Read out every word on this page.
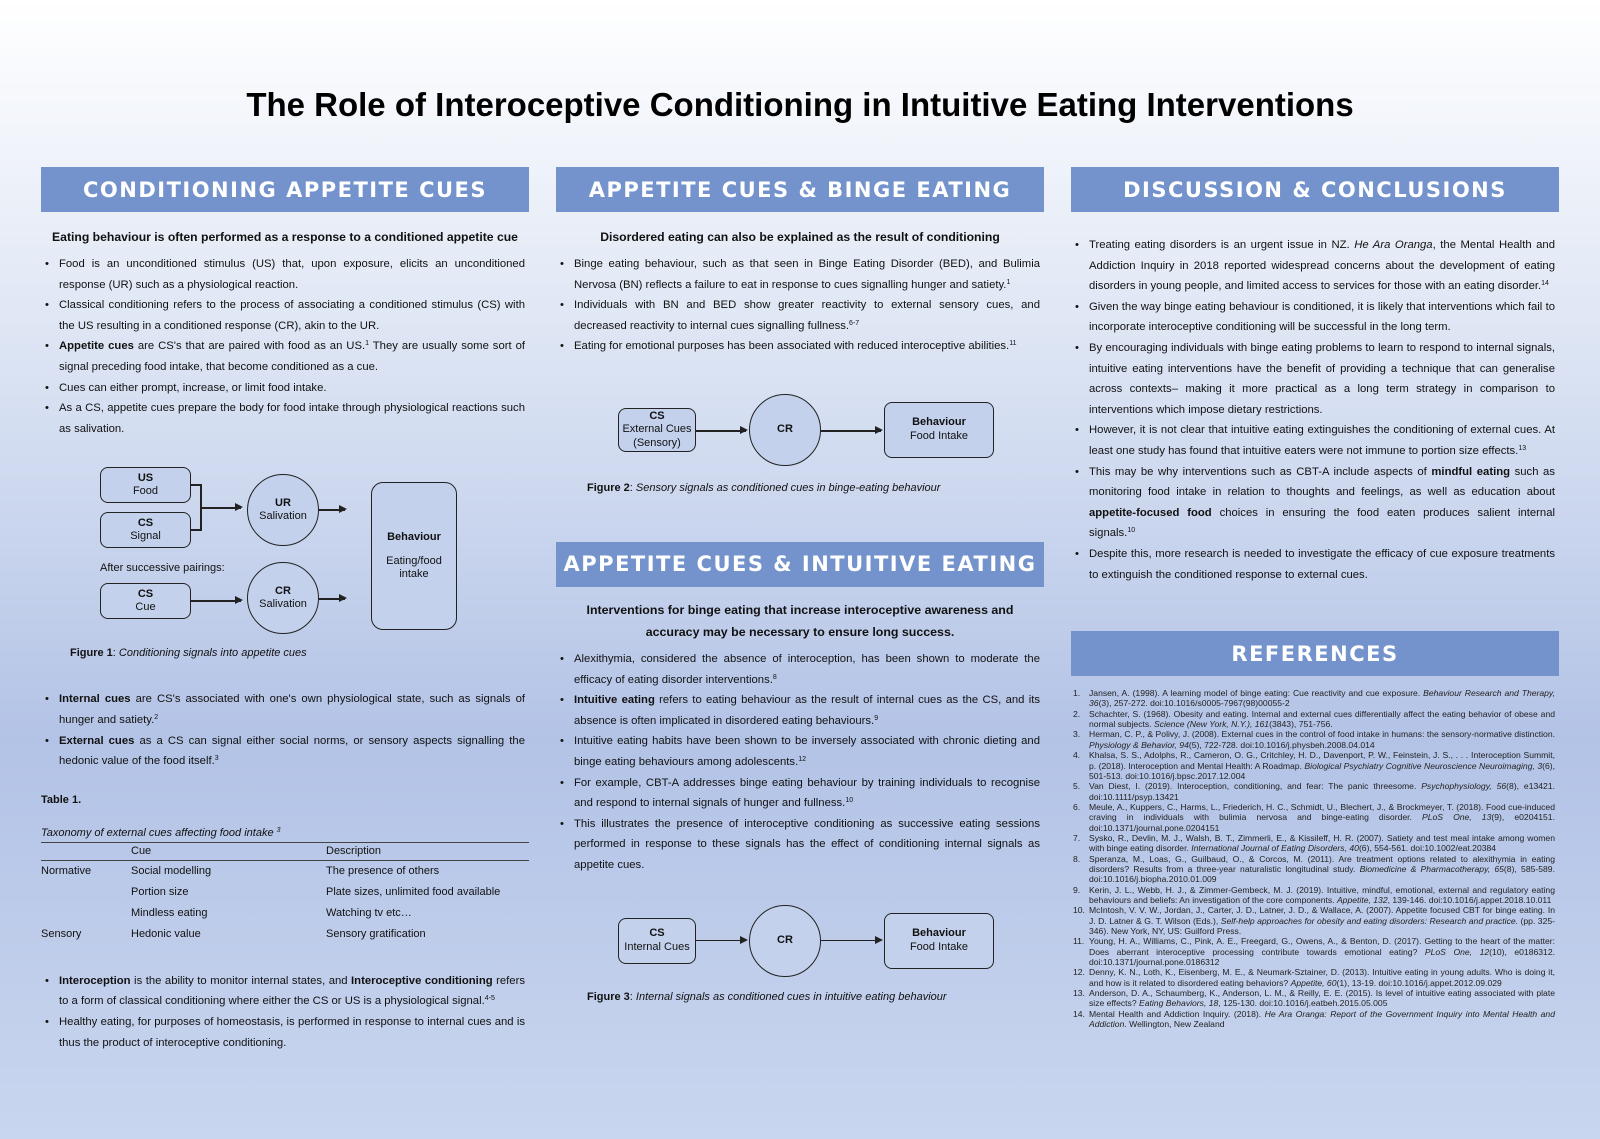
The Role of Interoceptive Conditioning in Intuitive Eating Interventions
CONDITIONING APPETITE CUES
Eating behaviour is often performed as a response to a conditioned appetite cue
• Food is an unconditioned stimulus (US) that, upon exposure, elicits an unconditioned response (UR) such as a physiological reaction.
• Classical conditioning refers to the process of associating a conditioned stimulus (CS) with the US resulting in a conditioned response (CR), akin to the UR.
• Appetite cues are CS's that are paired with food as an US.$^1$ They are usually some sort of signal preceding food intake, that become conditioned as a cue.
• Cues can either prompt, increase, or limit food intake.
• As a CS, appetite cues prepare the body for food intake through physiological reactions such as salivation.
US
Food
CS
Signal
UR
Salivation
After successive pairings:
CS
Cue
CR
Salivation
Behaviour
Eating/food intake
Figure 1: Conditioning signals into appetite cues
• Internal cues are CS's associated with one's own physiological state, such as signals of hunger and satiety.$^2$
• External cues as a CS can signal either social norms, or sensory aspects signalling the hedonic value of the food itself.$^3$
Table 1.
Taxonomy of external cues affecting food intake $^3$
	Cue	Description
Normative	Social modelling	The presence of others
	Portion size	Plate sizes, unlimited food available
	Mindless eating	Watching tv etc…
Sensory	Hedonic value	Sensory gratification
• Interoception is the ability to monitor internal states, and Interoceptive conditioning refers to a form of classical conditioning where either the CS or US is a physiological signal.$^{4-5}$
• Healthy eating, for purposes of homeostasis, is performed in response to internal cues and is thus the product of interoceptive conditioning.
APPETITE CUES & BINGE EATING
Disordered eating can also be explained as the result of conditioning
• Binge eating behaviour, such as that seen in Binge Eating Disorder (BED), and Bulimia Nervosa (BN) reflects a failure to eat in response to cues signalling hunger and satiety.$^1$
• Individuals with BN and BED show greater reactivity to external sensory cues, and decreased reactivity to internal cues signalling fullness.$^{6-7}$
• Eating for emotional purposes has been associated with reduced interoceptive abilities.$^{11}$
CS
External Cues
(Sensory)
CR
Behaviour
Food Intake
Figure 2: Sensory signals as conditioned cues in binge-eating behaviour
APPETITE CUES & INTUITIVE EATING
Interventions for binge eating that increase interoceptive awareness and accuracy may be necessary to ensure long success.
• Alexithymia, considered the absence of interoception, has been shown to moderate the efficacy of eating disorder interventions.$^8$
• Intuitive eating refers to eating behaviour as the result of internal cues as the CS, and its absence is often implicated in disordered eating behaviours.$^9$
• Intuitive eating habits have been shown to be inversely associated with chronic dieting and binge eating behaviours among adolescents.$^{12}$
• For example, CBT-A addresses binge eating behaviour by training individuals to recognise and respond to internal signals of hunger and fullness.$^{10}$
• This illustrates the presence of interoceptive conditioning as successive eating sessions performed in response to these signals has the effect of conditioning internal signals as appetite cues.
CS
Internal Cues
CR
Behaviour
Food Intake
Figure 3: Internal signals as conditioned cues in intuitive eating behaviour
DISCUSSION & CONCLUSIONS
• Treating eating disorders is an urgent issue in NZ. He Ara Oranga, the Mental Health and Addiction Inquiry in 2018 reported widespread concerns about the development of eating disorders in young people, and limited access to services for those with an eating disorder.$^{14}$
• Given the way binge eating behaviour is conditioned, it is likely that interventions which fail to incorporate interoceptive conditioning will be successful in the long term.
• By encouraging individuals with binge eating problems to learn to respond to internal signals, intuitive eating interventions have the benefit of providing a technique that can generalise across contexts– making it more practical as a long term strategy in comparison to interventions which impose dietary restrictions.
• However, it is not clear that intuitive eating extinguishes the conditioning of external cues. At least one study has found that intuitive eaters were not immune to portion size effects.$^{13}$
• This may be why interventions such as CBT-A include aspects of mindful eating such as monitoring food intake in relation to thoughts and feelings, as well as education about appetite-focused food choices in ensuring the food eaten produces salient internal signals.$^{10}$
• Despite this, more research is needed to investigate the efficacy of cue exposure treatments to extinguish the conditioned response to external cues.
REFERENCES
1. Jansen, A. (1998). A learning model of binge eating: Cue reactivity and cue exposure. Behaviour Research and Therapy, 36(3), 257-272. doi:10.1016/s0005-7967(98)00055-2
2. Schachter, S. (1968). Obesity and eating. Internal and external cues differentially affect the eating behavior of obese and normal subjects. Science (New York, N.Y.), 161(3843), 751-756.
3. Herman, C. P., & Polivy, J. (2008). External cues in the control of food intake in humans: the sensory-normative distinction. Physiology & Behavior, 94(5), 722-728. doi:10.1016/j.physbeh.2008.04.014
4. Khalsa, S. S., Adolphs, R., Cameron, O. G., Critchley, H. D., Davenport, P. W., Feinstein, J. S., . . . Interoception Summit, p. (2018). Interoception and Mental Health: A Roadmap. Biological Psychiatry Cognitive Neuroscience Neuroimaging, 3(6), 501-513. doi:10.1016/j.bpsc.2017.12.004
5. Van Diest, I. (2019). Interoception, conditioning, and fear: The panic threesome. Psychophysiology, 56(8), e13421. doi:10.1111/psyp.13421
6. Meule, A., Kuppers, C., Harms, L., Friederich, H. C., Schmidt, U., Blechert, J., & Brockmeyer, T. (2018). Food cue-induced craving in individuals with bulimia nervosa and binge-eating disorder. PLoS One, 13(9), e0204151. doi:10.1371/journal.pone.0204151
7. Sysko, R., Devlin, M. J., Walsh, B. T., Zimmerli, E., & Kissileff, H. R. (2007). Satiety and test meal intake among women with binge eating disorder. International Journal of Eating Disorders, 40(6), 554-561. doi:10.1002/eat.20384
8. Speranza, M., Loas, G., Guilbaud, O., & Corcos, M. (2011). Are treatment options related to alexithymia in eating disorders? Results from a three-year naturalistic longitudinal study. Biomedicine & Pharmacotherapy, 65(8), 585-589. doi:10.1016/j.biopha.2010.01.009
9. Kerin, J. L., Webb, H. J., & Zimmer-Gembeck, M. J. (2019). Intuitive, mindful, emotional, external and regulatory eating behaviours and beliefs: An investigation of the core components. Appetite, 132, 139-146. doi:10.1016/j.appet.2018.10.011
10. McIntosh, V. V. W., Jordan, J., Carter, J. D., Latner, J. D., & Wallace, A. (2007). Appetite focused CBT for binge eating. In J. D. Latner & G. T. Wilson (Eds.), Self-help approaches for obesity and eating disorders: Research and practice. (pp. 325-346). New York, NY, US: Guilford Press.
11. Young, H. A., Williams, C., Pink, A. E., Freegard, G., Owens, A., & Benton, D. (2017). Getting to the heart of the matter: Does aberrant interoceptive processing contribute towards emotional eating? PLoS One, 12(10), e0186312. doi:10.1371/journal.pone.0186312
12. Denny, K. N., Loth, K., Eisenberg, M. E., & Neumark-Sztainer, D. (2013). Intuitive eating in young adults. Who is doing it, and how is it related to disordered eating behaviors? Appetite, 60(1), 13-19. doi:10.1016/j.appet.2012.09.029
13. Anderson, D. A., Schaumberg, K., Anderson, L. M., & Reilly, E. E. (2015). Is level of intuitive eating associated with plate size effects? Eating Behaviors, 18, 125-130. doi:10.1016/j.eatbeh.2015.05.005
14. Mental Health and Addiction Inquiry. (2018). He Ara Oranga: Report of the Government Inquiry into Mental Health and Addiction. Wellington, New Zealand
